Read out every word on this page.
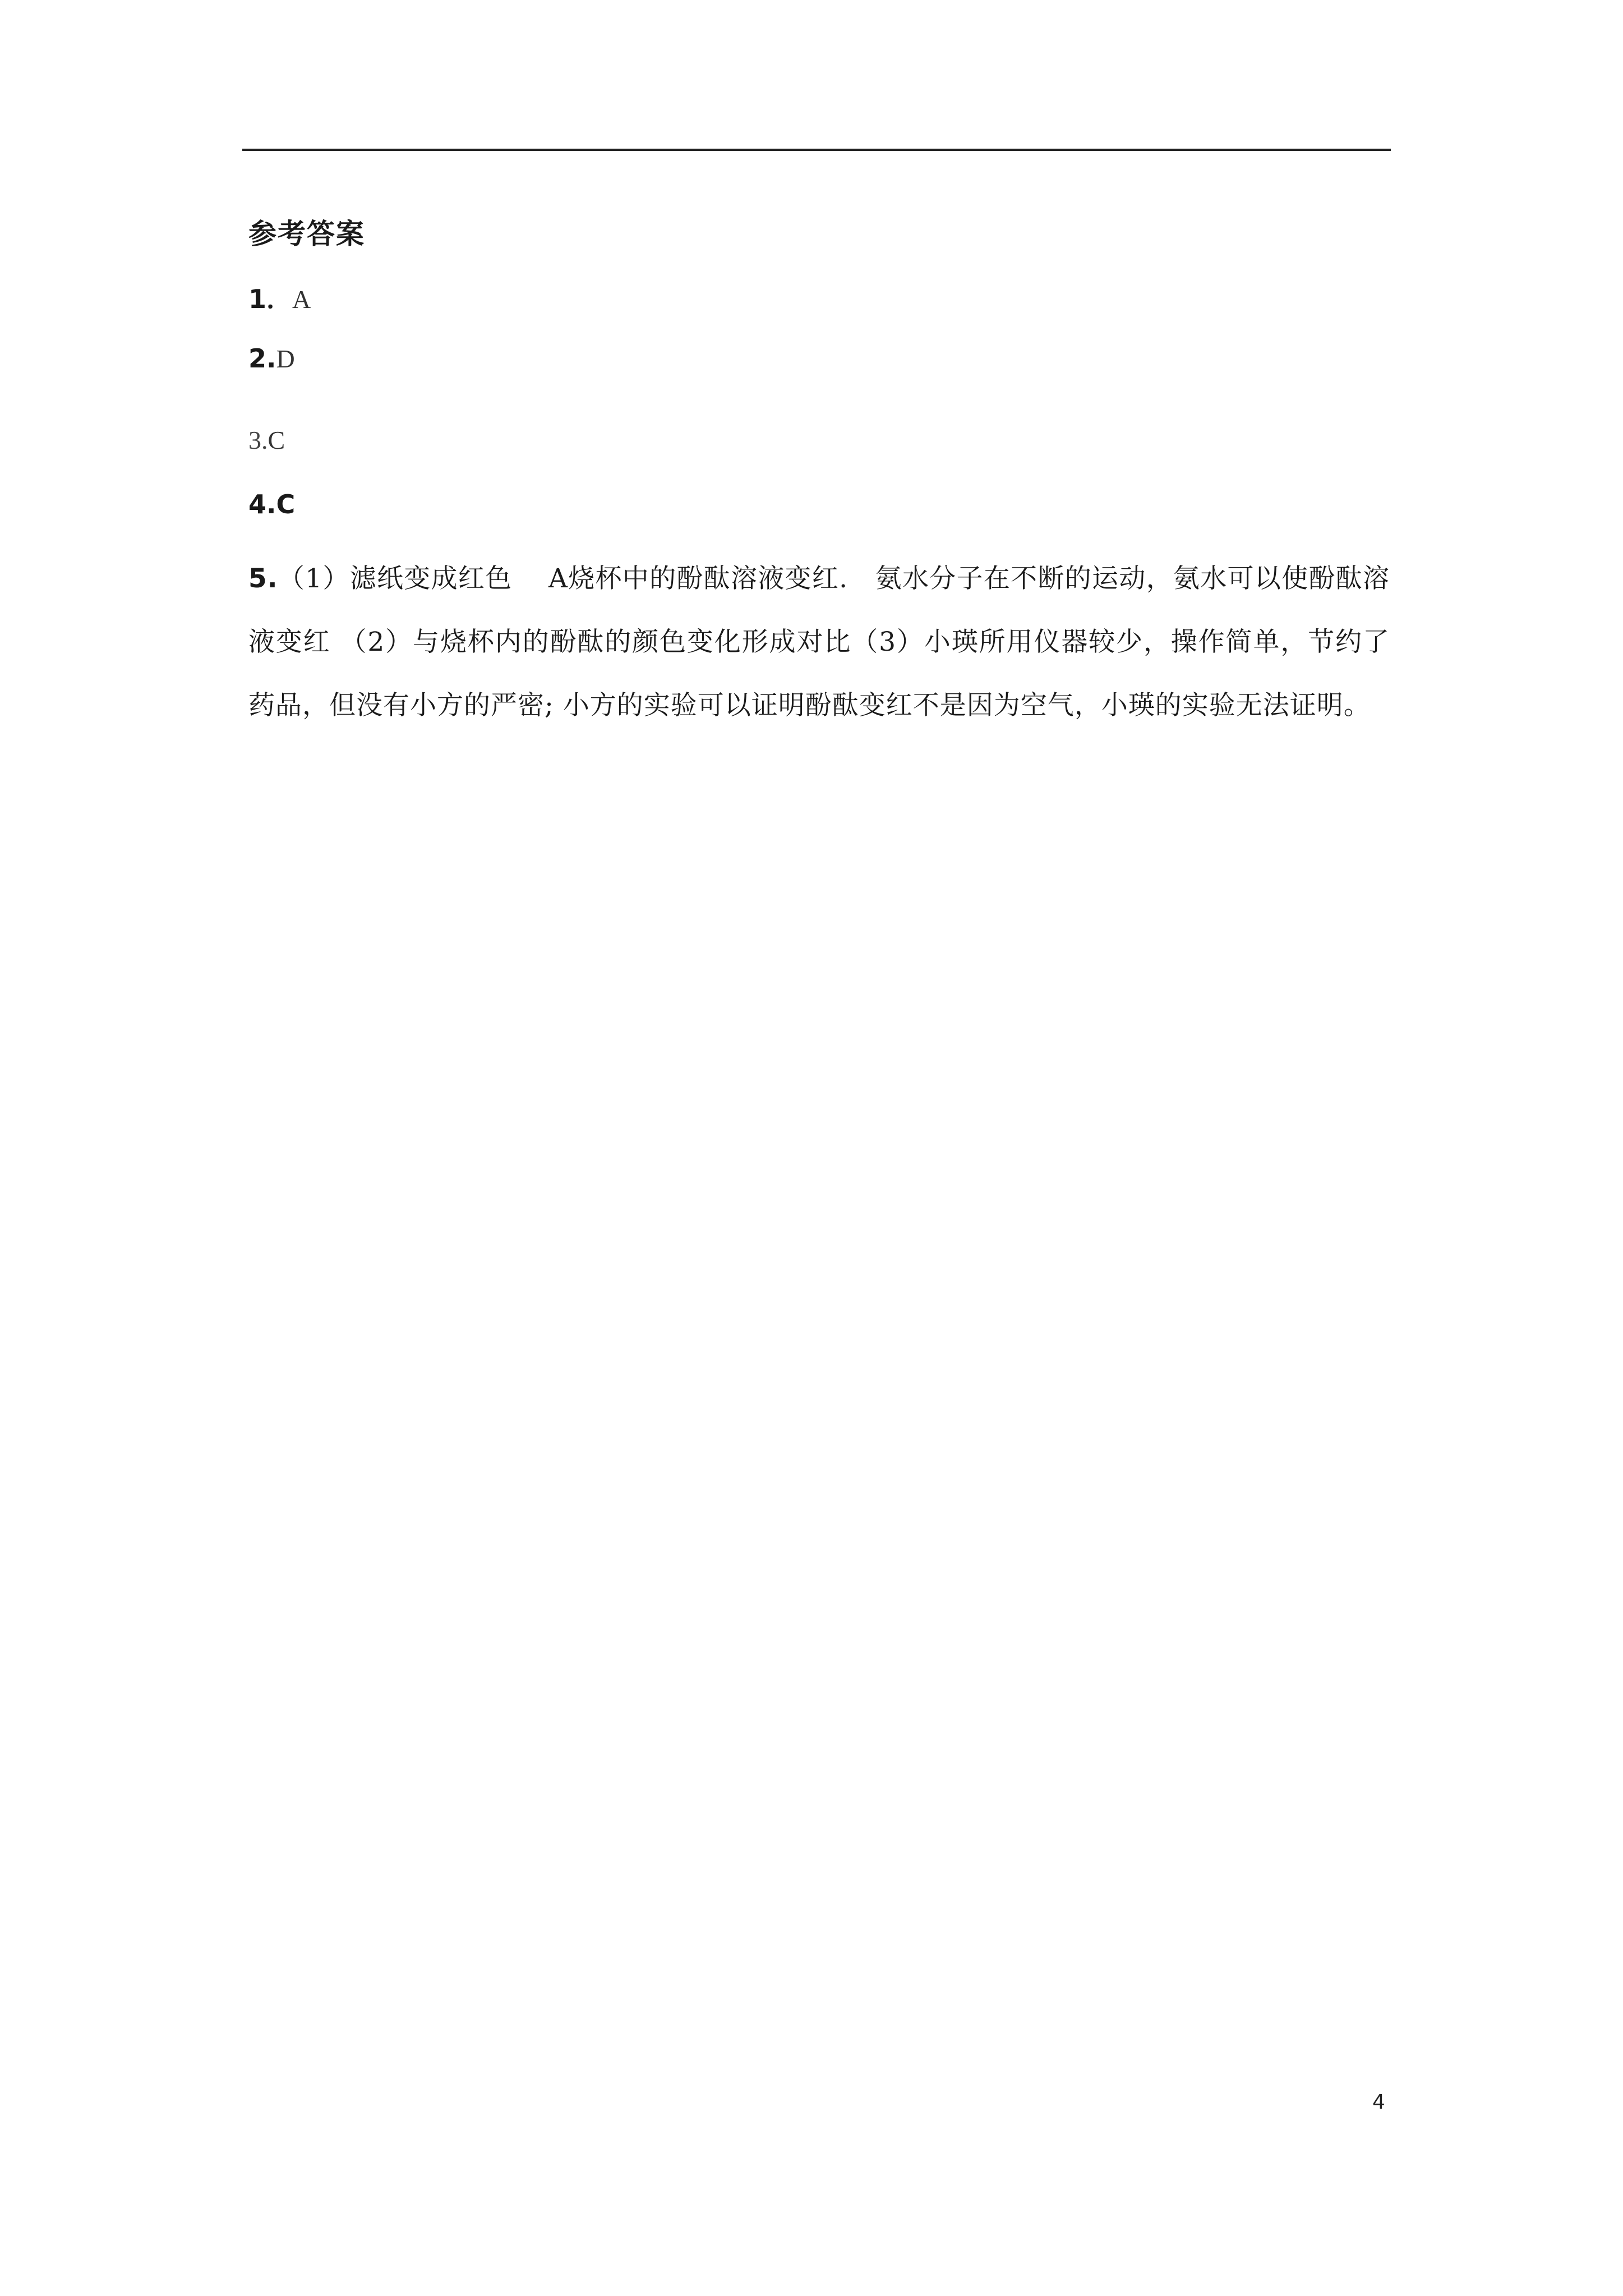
参考答案
1．A
2.D
3.C
4.C
5.（1）滤纸变成红色　 A烧杯中的酚酞溶液变红.　氨水分子在不断的运动，氨水可以使酚酞溶液变红 （2）与烧杯内的酚酞的颜色变化形成对比（3）小瑛所用仪器较少，操作简单，节约了药品，但没有小方的严密; 小方的实验可以证明酚酞变红不是因为空气，小瑛的实验无法证明。
4
